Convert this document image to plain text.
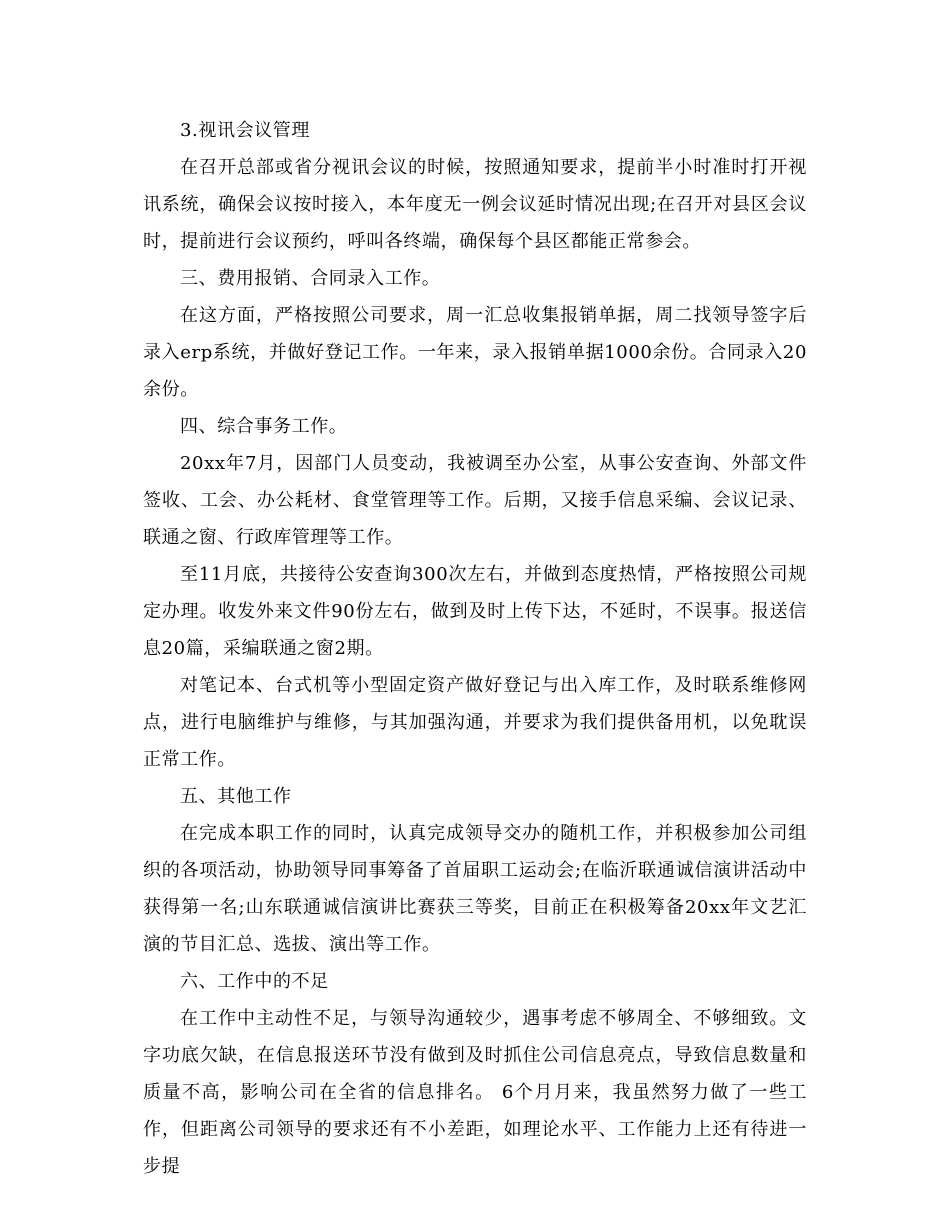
3.视讯会议管理

在召开总部或省分视讯会议的时候，按照通知要求，提前半小时准时打开视讯系统，确保会议按时接入，本年度无一例会议延时情况出现;在召开对县区会议时，提前进行会议预约，呼叫各终端，确保每个县区都能正常参会。

三、费用报销、合同录入工作。

在这方面，严格按照公司要求，周一汇总收集报销单据，周二找领导签字后录入erp系统，并做好登记工作。一年来，录入报销单据1000余份。合同录入20余份。

四、综合事务工作。

20xx年7月，因部门人员变动，我被调至办公室，从事公安查询、外部文件签收、工会、办公耗材、食堂管理等工作。后期，又接手信息采编、会议记录、联通之窗、行政库管理等工作。

至11月底，共接待公安查询300次左右，并做到态度热情，严格按照公司规定办理。收发外来文件90份左右，做到及时上传下达，不延时，不误事。报送信息20篇，采编联通之窗2期。

对笔记本、台式机等小型固定资产做好登记与出入库工作，及时联系维修网点，进行电脑维护与维修，与其加强沟通，并要求为我们提供备用机，以免耽误正常工作。

五、其他工作

在完成本职工作的同时，认真完成领导交办的随机工作，并积极参加公司组织的各项活动，协助领导同事筹备了首届职工运动会;在临沂联通诚信演讲活动中获得第一名;山东联通诚信演讲比赛获三等奖，目前正在积极筹备20xx年文艺汇演的节目汇总、选拔、演出等工作。

六、工作中的不足

在工作中主动性不足，与领导沟通较少，遇事考虑不够周全、不够细致。文字功底欠缺，在信息报送环节没有做到及时抓住公司信息亮点，导致信息数量和质量不高，影响公司在全省的信息排名。 6个月月来，我虽然努力做了一些工作，但距离公司领导的要求还有不小差距，如理论水平、工作能力上还有待进一步提
